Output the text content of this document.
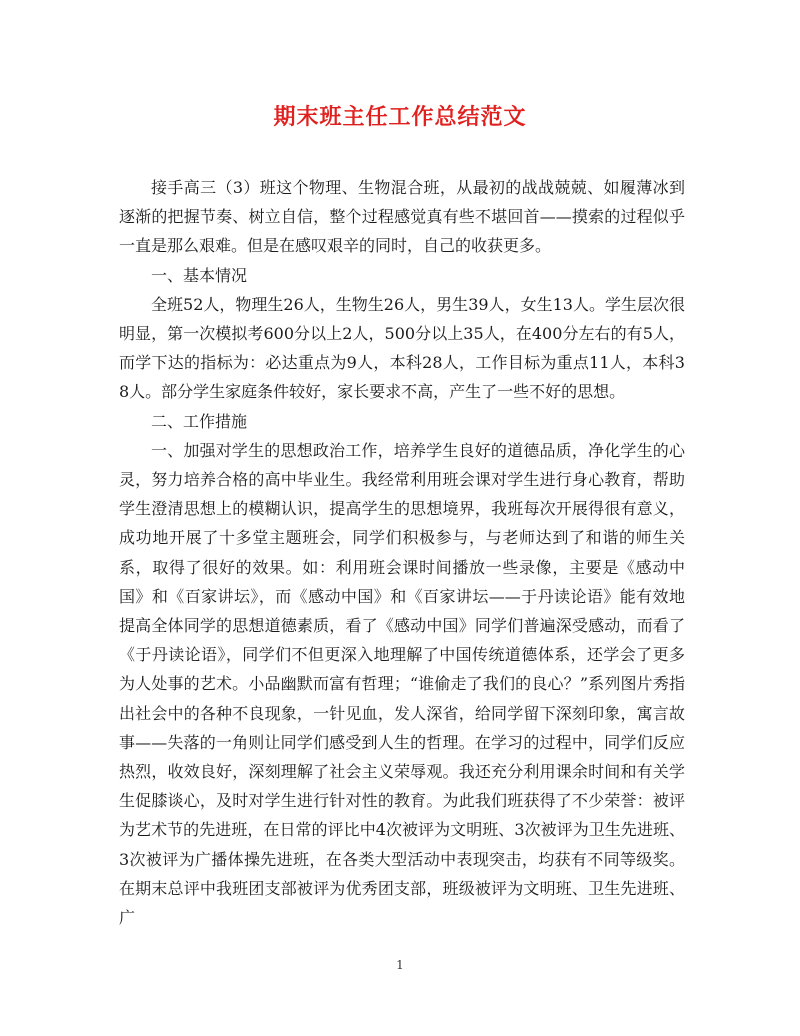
期末班主任工作总结范文

接手高三（3）班这个物理、生物混合班，从最初的战战兢兢、如履薄冰到逐渐的把握节奏、树立自信，整个过程感觉真有些不堪回首——摸索的过程似乎一直是那么艰难。但是在感叹艰辛的同时，自己的收获更多。

一、基本情况

全班52人，物理生26人，生物生26人，男生39人，女生13人。学生层次很明显，第一次模拟考600分以上2人，500分以上35人，在400分左右的有5人，而学下达的指标为：必达重点为9人，本科28人，工作目标为重点11人，本科38人。部分学生家庭条件较好，家长要求不高，产生了一些不好的思想。

二、工作措施

一、加强对学生的思想政治工作，培养学生良好的道德品质，净化学生的心灵，努力培养合格的高中毕业生。我经常利用班会课对学生进行身心教育，帮助学生澄清思想上的模糊认识，提高学生的思想境界，我班每次开展得很有意义，成功地开展了十多堂主题班会，同学们积极参与，与老师达到了和谐的师生关系，取得了很好的效果。如：利用班会课时间播放一些录像，主要是《感动中国》和《百家讲坛》，而《感动中国》和《百家讲坛——于丹读论语》能有效地提高全体同学的思想道德素质，看了《感动中国》同学们普遍深受感动，而看了《于丹读论语》，同学们不但更深入地理解了中国传统道德体系，还学会了更多为人处事的艺术。小品幽默而富有哲理；“谁偷走了我们的良心？”系列图片秀指出社会中的各种不良现象，一针见血，发人深省，给同学留下深刻印象，寓言故事——失落的一角则让同学们感受到人生的哲理。在学习的过程中，同学们反应热烈，收效良好，深刻理解了社会主义荣辱观。我还充分利用课余时间和有关学生促膝谈心，及时对学生进行针对性的教育。为此我们班获得了不少荣誉：被评为艺术节的先进班，在日常的评比中4次被评为文明班、3次被评为卫生先进班、3次被评为广播体操先进班，在各类大型活动中表现突击，均获有不同等级奖。在期末总评中我班团支部被评为优秀团支部，班级被评为文明班、卫生先进班、广

1
